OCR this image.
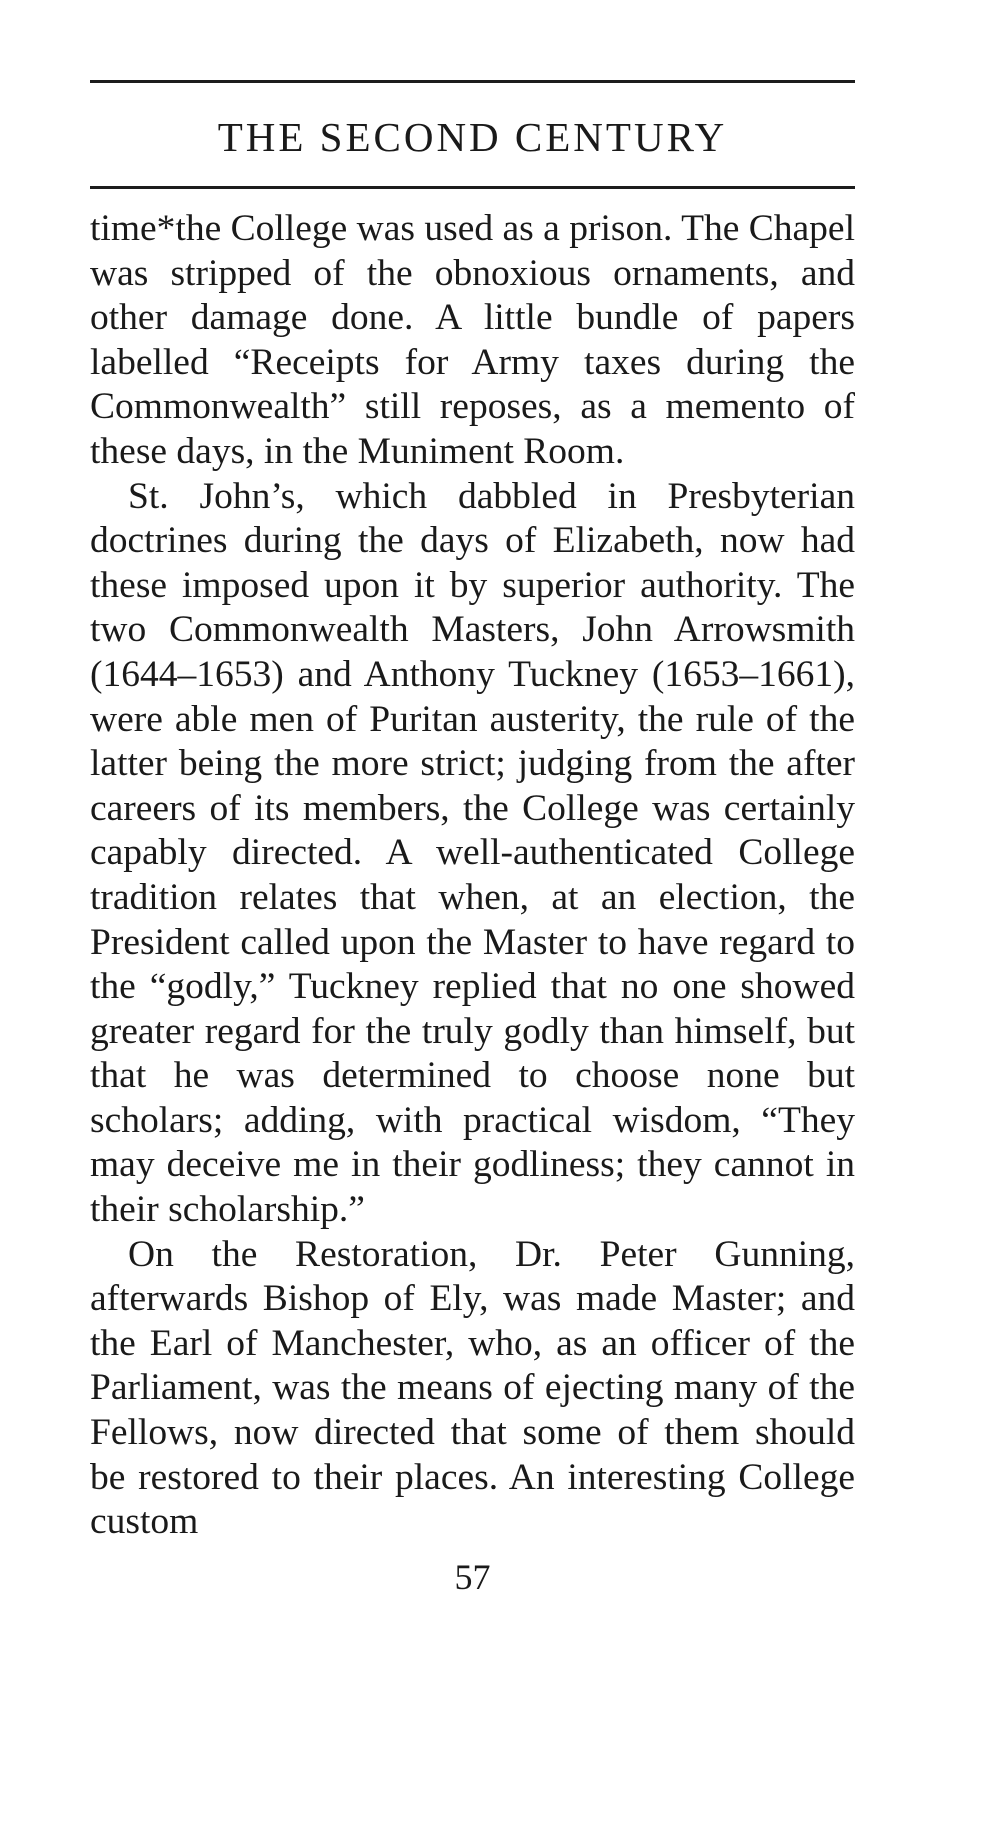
THE SECOND CENTURY

time*the College was used as a prison. The Chapel was stripped of the obnoxious ornaments, and other damage done. A little bundle of papers labelled “Receipts for Army taxes during the Commonwealth” still reposes, as a memento of these days, in the Muniment Room.

St. John’s, which dabbled in Presbyterian doctrines during the days of Elizabeth, now had these imposed upon it by superior authority. The two Commonwealth Masters, John Arrowsmith (1644–1653) and Anthony Tuckney (1653–1661), were able men of Puritan austerity, the rule of the latter being the more strict; judging from the after careers of its members, the College was certainly capably directed. A well-authenticated College tradition relates that when, at an election, the President called upon the Master to have regard to the “godly,” Tuckney replied that no one showed greater regard for the truly godly than himself, but that he was determined to choose none but scholars; adding, with practical wisdom, “They may deceive me in their godliness; they cannot in their scholarship.”

On the Restoration, Dr. Peter Gunning, afterwards Bishop of Ely, was made Master; and the Earl of Manchester, who, as an officer of the Parliament, was the means of ejecting many of the Fellows, now directed that some of them should be restored to their places. An interesting College custom

57
